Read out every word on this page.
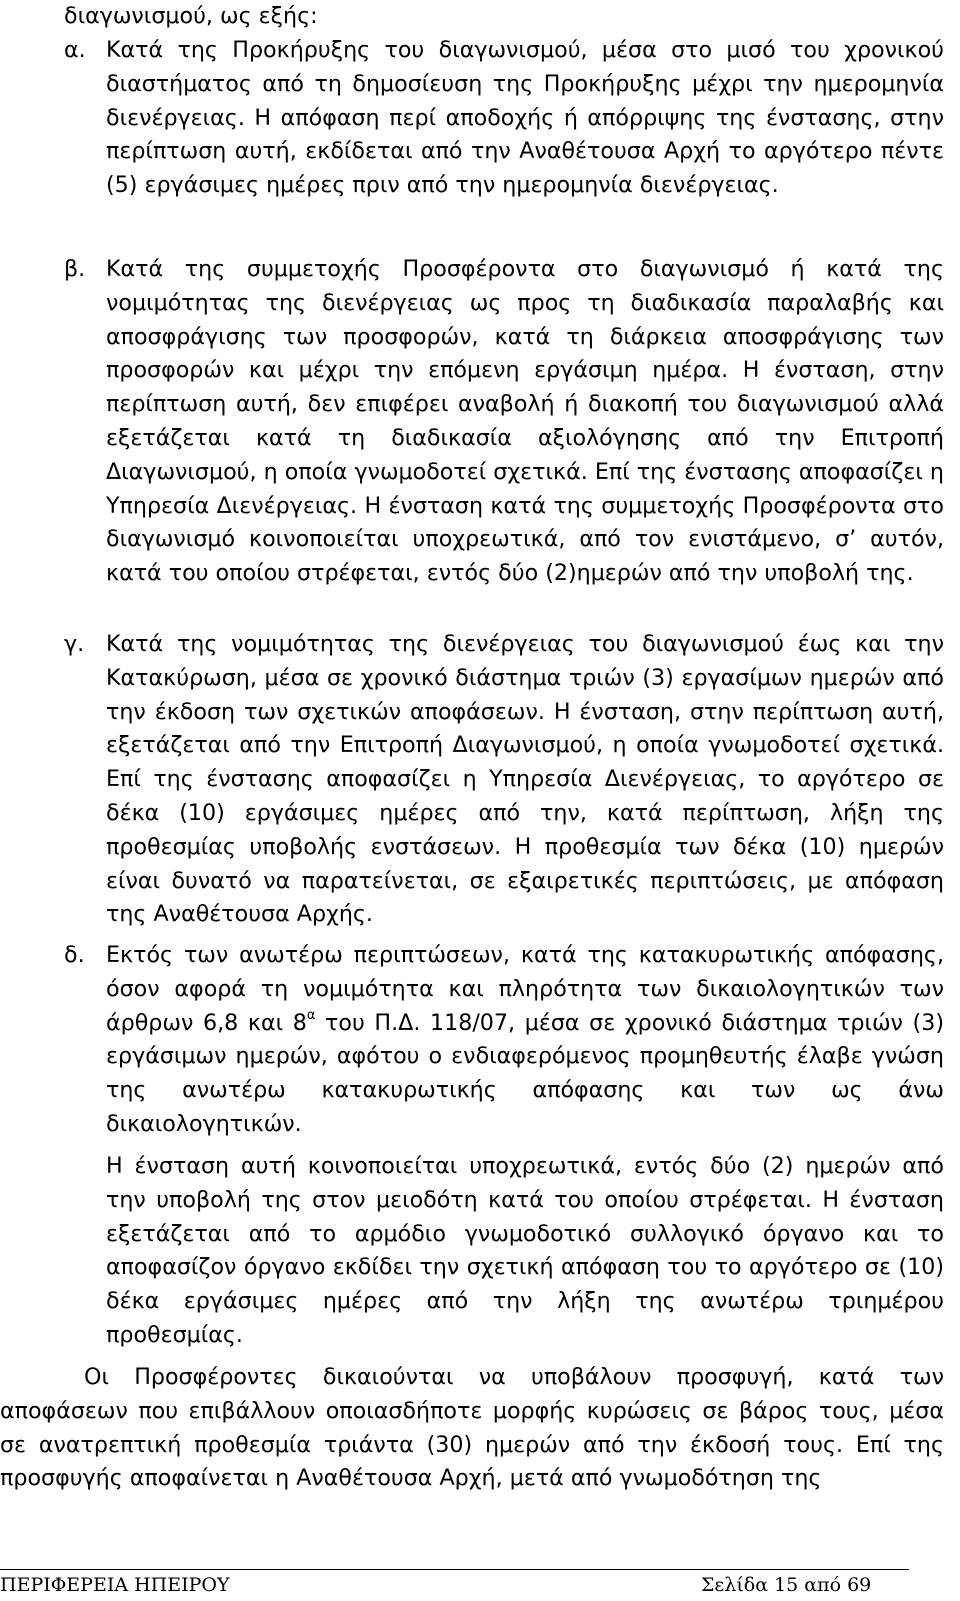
διαγωνισμού, ως εξής:
α. Κατά της Προκήρυξης του διαγωνισμού, μέσα στο μισό του χρονικού διαστήματος από τη δημοσίευση της Προκήρυξης μέχρι την ημερομηνία διενέργειας. Η απόφαση περί αποδοχής ή απόρριψης της ένστασης, στην περίπτωση αυτή, εκδίδεται από την Αναθέτουσα Αρχή το αργότερο πέντε (5) εργάσιμες ημέρες πριν από την ημερομηνία διενέργειας.
β. Κατά της συμμετοχής Προσφέροντα στο διαγωνισμό ή κατά της νομιμότητας της διενέργειας ως προς τη διαδικασία παραλαβής και αποσφράγισης των προσφορών, κατά τη διάρκεια αποσφράγισης των προσφορών και μέχρι την επόμενη εργάσιμη ημέρα. Η ένσταση, στην περίπτωση αυτή, δεν επιφέρει αναβολή ή διακοπή του διαγωνισμού αλλά εξετάζεται κατά τη διαδικασία αξιολόγησης από την Επιτροπή Διαγωνισμού, η οποία γνωμοδοτεί σχετικά. Επί της ένστασης αποφασίζει η Υπηρεσία Διενέργειας. Η ένσταση κατά της συμμετοχής Προσφέροντα στο διαγωνισμό κοινοποιείται υποχρεωτικά, από τον ενιστάμενο, σ’ αυτόν, κατά του οποίου στρέφεται, εντός δύο (2)ημερών από την υποβολή της.
γ. Κατά της νομιμότητας της διενέργειας του διαγωνισμού έως και την Κατακύρωση, μέσα σε χρονικό διάστημα τριών (3) εργασίμων ημερών από την έκδοση των σχετικών αποφάσεων. Η ένσταση, στην περίπτωση αυτή, εξετάζεται από την Επιτροπή Διαγωνισμού, η οποία γνωμοδοτεί σχετικά. Επί της ένστασης αποφασίζει η Υπηρεσία Διενέργειας, το αργότερο σε δέκα (10) εργάσιμες ημέρες από την, κατά περίπτωση, λήξη της προθεσμίας υποβολής ενστάσεων. Η προθεσμία των δέκα (10) ημερών είναι δυνατό να παρατείνεται, σε εξαιρετικές περιπτώσεις, με απόφαση της Αναθέτουσα Αρχής.
δ. Εκτός των ανωτέρω περιπτώσεων, κατά της κατακυρωτικής απόφασης, όσον αφορά τη νομιμότητα και πληρότητα των δικαιολογητικών των άρθρων 6,8 και $8^\alpha$ του Π.Δ. 118/07, μέσα σε χρονικό διάστημα τριών (3) εργάσιμων ημερών, αφότου ο ενδιαφερόμενος προμηθευτής έλαβε γνώση της ανωτέρω κατακυρωτικής απόφασης και των ως άνω δικαιολογητικών.
Η ένσταση αυτή κοινοποιείται υποχρεωτικά, εντός δύο (2) ημερών από την υποβολή της στον μειοδότη κατά του οποίου στρέφεται. Η ένσταση εξετάζεται από το αρμόδιο γνωμοδοτικό συλλογικό όργανο και το αποφασίζον όργανο εκδίδει την σχετική απόφαση του το αργότερο σε (10) δέκα εργάσιμες ημέρες από την λήξη της ανωτέρω τριημέρου προθεσμίας.
Οι Προσφέροντες δικαιούνται να υποβάλουν προσφυγή, κατά των αποφάσεων που επιβάλλουν οποιασδήποτε μορφής κυρώσεις σε βάρος τους, μέσα σε ανατρεπτική προθεσμία τριάντα (30) ημερών από την έκδοσή τους. Επί της προσφυγής αποφαίνεται η Αναθέτουσα Αρχή, μετά από γνωμοδότηση της
ΠΕΡΙΦΕΡΕΙΑ ΗΠΕΙΡΟΥ	Σελίδα 15 από 69
